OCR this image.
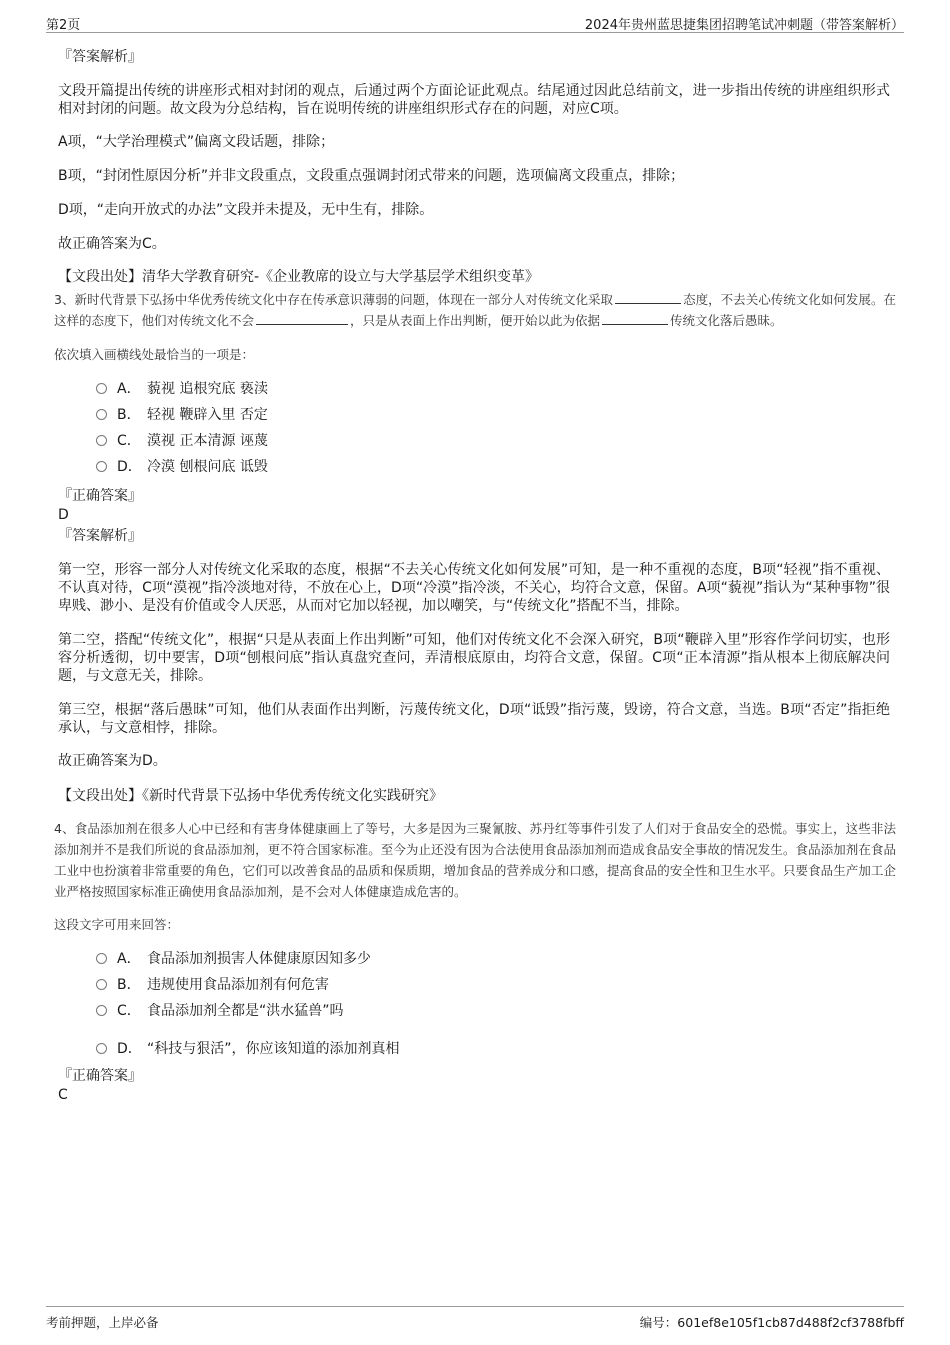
第2页	2024年贵州蓝思捷集团招聘笔试冲刺题（带答案解析）
『答案解析』
文段开篇提出传统的讲座形式相对封闭的观点，后通过两个方面论证此观点。结尾通过因此总结前文，进一步指出传统的讲座组织形式相对封闭的问题。故文段为分总结构，旨在说明传统的讲座组织形式存在的问题，对应C项。
A项，“大学治理模式”偏离文段话题，排除；
B项，“封闭性原因分析”并非文段重点，文段重点强调封闭式带来的问题，选项偏离文段重点，排除；
D项，“走向开放式的办法”文段并未提及，无中生有，排除。
故正确答案为C。
【文段出处】清华大学教育研究-《企业教席的设立与大学基层学术组织变革》
3、新时代背景下弘扬中华优秀传统文化中存在传承意识薄弱的问题，体现在一部分人对传统文化采取	态度，不去关心传统文化如何发展。在这样的态度下，他们对传统文化不会	，只是从表面上作出判断，便开始以此为依据	传统文化落后愚昧。
依次填入画横线处最恰当的一项是：
A． 藐视 追根究底 亵渎
B． 轻视 鞭辟入里 否定
C． 漠视 正本清源 诬蔑
D． 冷漠 刨根问底 诋毁
『正确答案』
D
『答案解析』
第一空，形容一部分人对传统文化采取的态度，根据“不去关心传统文化如何发展”可知，是一种不重视的态度，B项“轻视”指不重视、不认真对待，C项“漠视”指冷淡地对待，不放在心上，D项“冷漠”指冷淡，不关心，均符合文意，保留。A项“藐视”指认为“某种事物”很卑贱、渺小、是没有价值或令人厌恶，从而对它加以轻视，加以嘲笑，与“传统文化”搭配不当，排除。
第二空，搭配“传统文化”，根据“只是从表面上作出判断”可知，他们对传统文化不会深入研究，B项“鞭辟入里”形容作学问切实，也形容分析透彻，切中要害，D项“刨根问底”指认真盘究查问，弄清根底原由，均符合文意，保留。C项“正本清源”指从根本上彻底解决问题，与文意无关，排除。
第三空，根据“落后愚昧”可知，他们从表面作出判断，污蔑传统文化，D项“诋毁”指污蔑，毁谤，符合文意，当选。B项“否定”指拒绝承认，与文意相悖，排除。
故正确答案为D。
【文段出处】《新时代背景下弘扬中华优秀传统文化实践研究》
4、食品添加剂在很多人心中已经和有害身体健康画上了等号，大多是因为三聚氰胺、苏丹红等事件引发了人们对于食品安全的恐慌。事实上，这些非法添加剂并不是我们所说的食品添加剂，更不符合国家标准。至今为止还没有因为合法使用食品添加剂而造成食品安全事故的情况发生。食品添加剂在食品工业中也扮演着非常重要的角色，它们可以改善食品的品质和保质期，增加食品的营养成分和口感，提高食品的安全性和卫生水平。只要食品生产加工企业严格按照国家标准正确使用食品添加剂，是不会对人体健康造成危害的。
这段文字可用来回答：
A． 食品添加剂损害人体健康原因知多少
B． 违规使用食品添加剂有何危害
C． 食品添加剂全都是“洪水猛兽”吗
D． “科技与狠活”，你应该知道的添加剂真相
『正确答案』
C
考前押题，上岸必备	编号：601ef8e105f1cb87d488f2cf3788fbff
